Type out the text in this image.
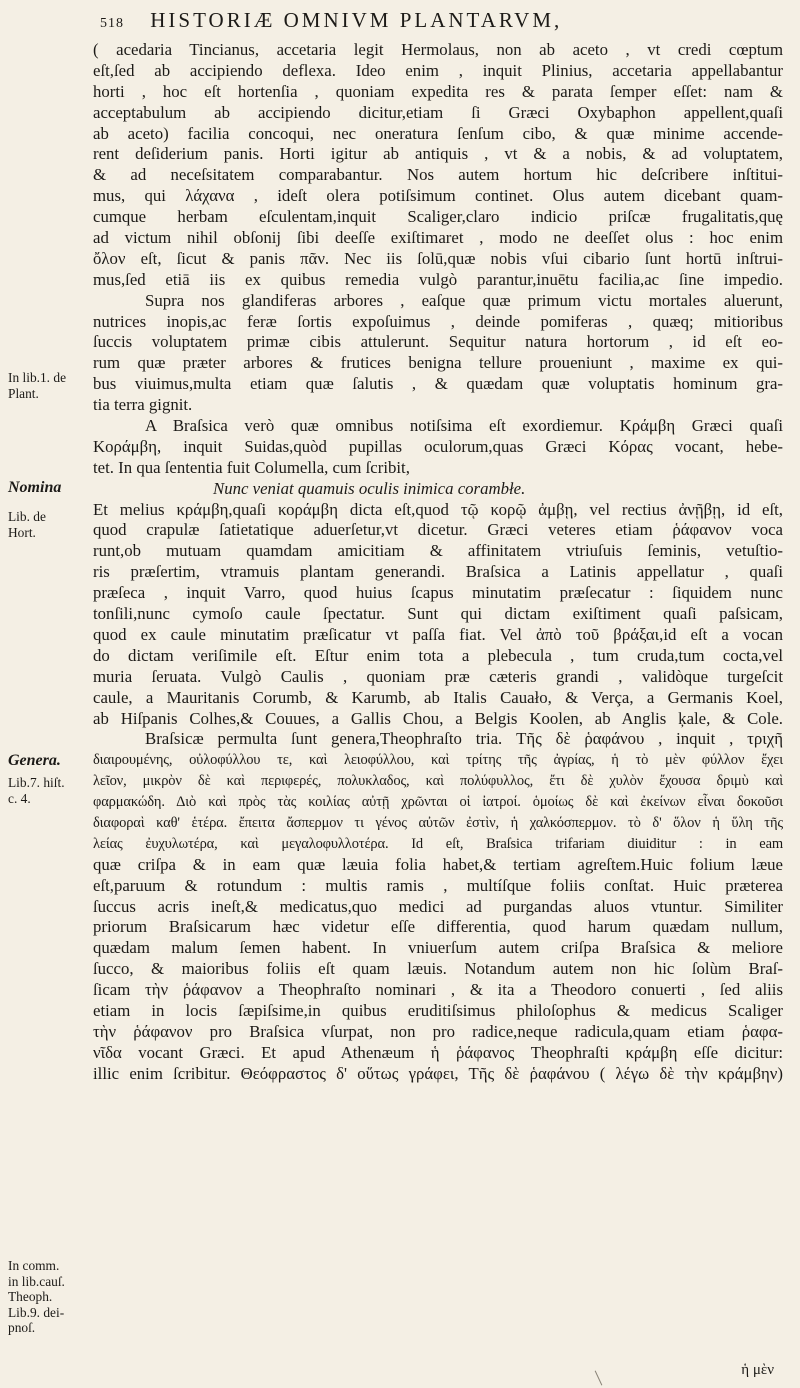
518 HISTORIÆ OMNIVM PLANTARVM,
( acedaria Tincianus, accetaria legit Hermolaus, non ab aceto , vt credi cœptum
eſt,ſed ab accipiendo deflexa. Ideo enim , inquit Plinius, accetaria appellabantur
horti , hoc eſt hortenſia , quoniam expedita res & parata ſemper eſſet: nam &
acceptabulum ab accipiendo dicitur,etiam ſi Græci Oxybaphon appellent,quaſi
ab aceto) facilia concoqui, nec oneratura ſenſum cibo, & quæ minime accende-
rent deſiderium panis. Horti igitur ab antiquis , vt & a nobis, & ad voluptatem,
& ad neceſsitatem comparabantur. Nos autem hortum hic deſcribere inſtitui-
mus, qui λάχανα , ideſt olera potiſsimum continet. Olus autem dicebant quam-
cumque herbam eſculentam,inquit Scaliger,claro indicio priſcæ frugalitatis,quę
ad victum nihil obſonij ſibi deeſſe exiſtimaret , modo ne deeſſet olus : hoc enim
ὄλον eſt, ſicut & panis πᾶν. Nec iis ſolū,quæ nobis vſui cibario ſunt hortū inſtrui-
mus,ſed etiā iis ex quibus remedia vulgò parantur,inuētu facilia,ac ſine impedio.
Supra nos glandiferas arbores , eaſque quæ primum victu mortales aluerunt,
nutrices inopis,ac feræ ſortis expoſuimus , deinde pomiferas , quæq; mitioribus
ſuccis voluptatem primæ cibis attulerunt. Sequitur natura hortorum , id eſt eo-
rum quæ præter arbores & frutices benigna tellure proueniunt , maxime ex qui-
bus viuimus,multa etiam quæ ſalutis , & quædam quæ voluptatis hominum gra-
tia terra gignit.
A Braſsica verò quæ omnibus notiſsima eſt exordiemur. Κράμβη Græci quaſi
Κοράμβη, inquit Suidas,quòd pupillas oculorum,quas Græci Κόρας vocant, hebe-
tet. In qua ſententia fuit Columella, cum ſcribit,
Nunc veniat quamuis oculis inimica corambłe.
Et melius κράμβη,quaſi κοράμβη dicta eſt,quod τῷ κορῷ ἀμβῃ, vel rectius ἀνῇβῃ, id eſt,
quod crapulæ ſatietatique aduerſetur,vt dicetur. Græci veteres etiam ῥάφανον voca
runt,ob mutuam quamdam amicitiam & affinitatem vtriuſuis ſeminis, vetuſtio-
ris præſertim, vtramuis plantam generandi. Braſsica a Latinis appellatur , quaſi
præſeca , inquit Varro, quod huius ſcapus minutatim præſecatur : ſiquidem nunc
tonſili,nunc cymoſo caule ſpectatur. Sunt qui dictam exiſtiment quaſi paſsicam,
quod ex caule minutatim præſicatur vt paſſa fiat. Vel ἀπὸ τοῦ βράξαι,id eſt a vocan
do dictam veriſimile eſt. Eſtur enim tota a plebecula , tum cruda,tum cocta,vel
muria ſeruata. Vulgò Caulis , quoniam præ cæteris grandi , validòque turgeſcit
caule, a Mauritanis Corumb, & Karumb, ab Italis Cauało, & Verça, a Germanis Koel,
ab Hiſpanis Colhes,& Couues, a Gallis Chou, a Belgis Koolen, ab Anglis ķale, & Cole.
Braſsicæ permulta ſunt genera,Theophraſto tria. Τῆς δὲ ῥαφάνου , inquit , τριχῆ
διαιρουμένης, οὐλοφύλλου τε, καὶ λειοφύλλου, καὶ τρίτης τῆς ἀγρίας, ἡ τὸ μὲν φύλλον ἔχει
λεῖον, μικρὸν δὲ καὶ περιφερές, πολυκλαδος, καὶ πολύφυλλος, ἔτι δὲ χυλὸν ἔχουσα δριμὺ καὶ
φαρμακώδη. Διὸ καὶ πρὸς τὰς κοιλίας αὐτῇ χρῶνται οἱ ἰατροί. ὁμοίως δὲ καὶ ἐκείνων εἶναι δοκοῦσι
διαφοραὶ καθ' ἑτέρα. ἔπειτα ἄσπερμον τι γένος αὐτῶν ἐστὶν, ἡ χαλκόσπερμον. τὸ δ' ὅλον ἡ ὕλη τῆς
λείας ἐυχυλωτέρα, καὶ μεγαλοφυλλοτέρα. Id eſt, Braſsica trifariam diuiditur : in eam
quæ criſpa & in eam quæ læuia folia habet,& tertiam agreſtem.Huic folium læue
eſt,paruum & rotundum : multis ramis , multíſque foliis conſtat. Huic præterea
ſuccus acris ineſt,& medicatus,quo medici ad purgandas aluos vtuntur. Similiter
priorum Braſsicarum hæc videtur eſſe differentia, quod harum quædam nullum,
quædam malum ſemen habent. In vniuerſum autem criſpa Braſsica & meliore
ſucco, & maioribus foliis eſt quam læuis. Notandum autem non hic ſolùm Braſ-
ſicam τὴν ῥάφανον a Theophraſto nominari , & ita a Theodoro conuerti , ſed aliis
etiam in locis ſæpiſsime,in quibus eruditiſsimus philoſophus & medicus Scaliger
τὴν ῥάφανον pro Braſsica vſurpat, non pro radice,neque radicula,quam etiam ῥαφα-
νῖδα vocant Græci. Et apud Athenæum ἡ ῥάφανος Theophraſti κράμβη eſſe dicitur:
illic enim ſcribitur. Θεόφραστος δ' οὕτως γράφει, Τῆς δὲ ῥαφάνου ( λέγω δὲ τὴν κράμβην)
In lib.1. de
Plant.
Nomina
Lib. de
Hort.
Genera.
Lib.7. hiſt.
c. 4.
In comm.
in lib.cauſ.
Theoph.
Lib.9. dei-
pnoſ.
ἡ μὲν
